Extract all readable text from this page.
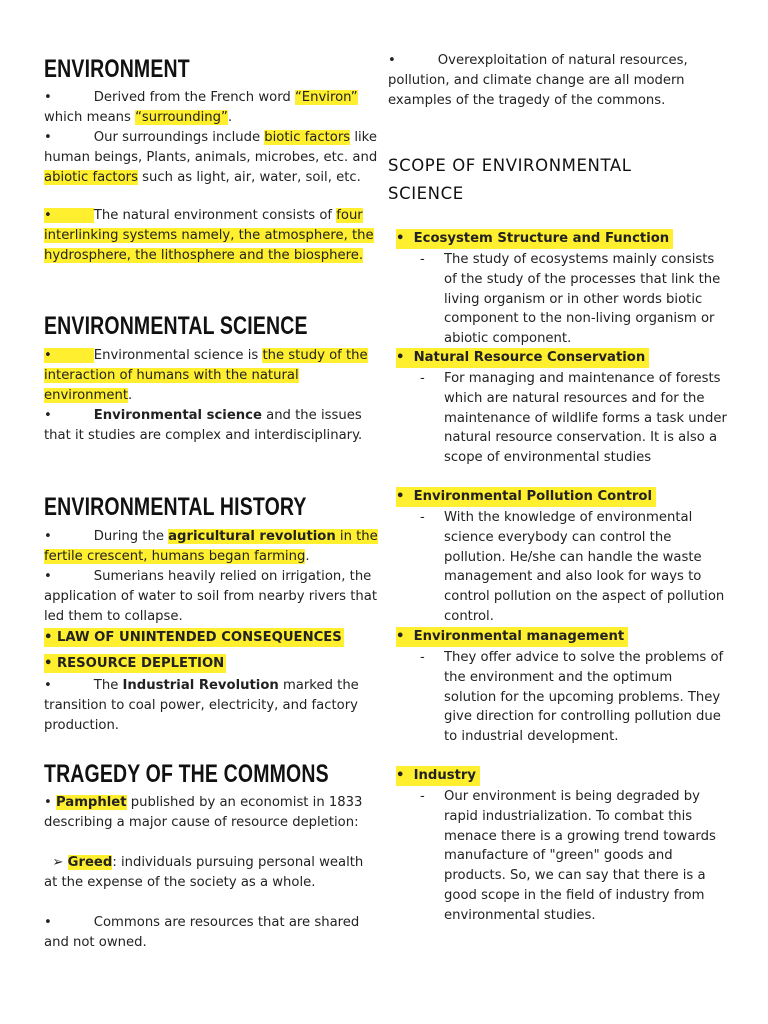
ENVIRONMENT
•	Derived from the French word “Environ” which means “surrounding”.
•	Our surroundings include biotic factors like human beings, Plants, animals, microbes, etc. and abiotic factors such as light, air, water, soil, etc.
•	The natural environment consists of four interlinking systems namely, the atmosphere, the hydrosphere, the lithosphere and the biosphere.
ENVIRONMENTAL SCIENCE
•	Environmental science is the study of the interaction of humans with the natural environment.
•	Environmental science and the issues that it studies are complex and interdisciplinary.
ENVIRONMENTAL HISTORY
•	During the agricultural revolution in the fertile crescent, humans began farming.
•	Sumerians heavily relied on irrigation, the application of water to soil from nearby rivers that led them to collapse.
• LAW OF UNINTENDED CONSEQUENCES
• RESOURCE DEPLETION
•	The Industrial Revolution marked the transition to coal power, electricity, and factory production.
TRAGEDY OF THE COMMONS
• Pamphlet published by an economist in 1833 describing a major cause of resource depletion:
➢ Greed: individuals pursuing personal wealth at the expense of the society as a whole.
•	Commons are resources that are shared and not owned.
•	Overexploitation of natural resources, pollution, and climate change are all modern examples of the tragedy of the commons.
SCOPE OF ENVIRONMENTAL
SCIENCE
• Ecosystem Structure and Function
- The study of ecosystems mainly consists of the study of the processes that link the living organism or in other words biotic component to the non-living organism or abiotic component.
• Natural Resource Conservation
- For managing and maintenance of forests which are natural resources and for the maintenance of wildlife forms a task under natural resource conservation. It is also a scope of environmental studies
• Environmental Pollution Control
- With the knowledge of environmental science everybody can control the pollution. He/she can handle the waste management and also look for ways to control pollution on the aspect of pollution control.
• Environmental management
- They offer advice to solve the problems of the environment and the optimum solution for the upcoming problems. They give direction for controlling pollution due to industrial development.
• Industry
- Our environment is being degraded by rapid industrialization. To combat this menace there is a growing trend towards manufacture of "green" goods and products. So, we can say that there is a good scope in the field of industry from environmental studies.
